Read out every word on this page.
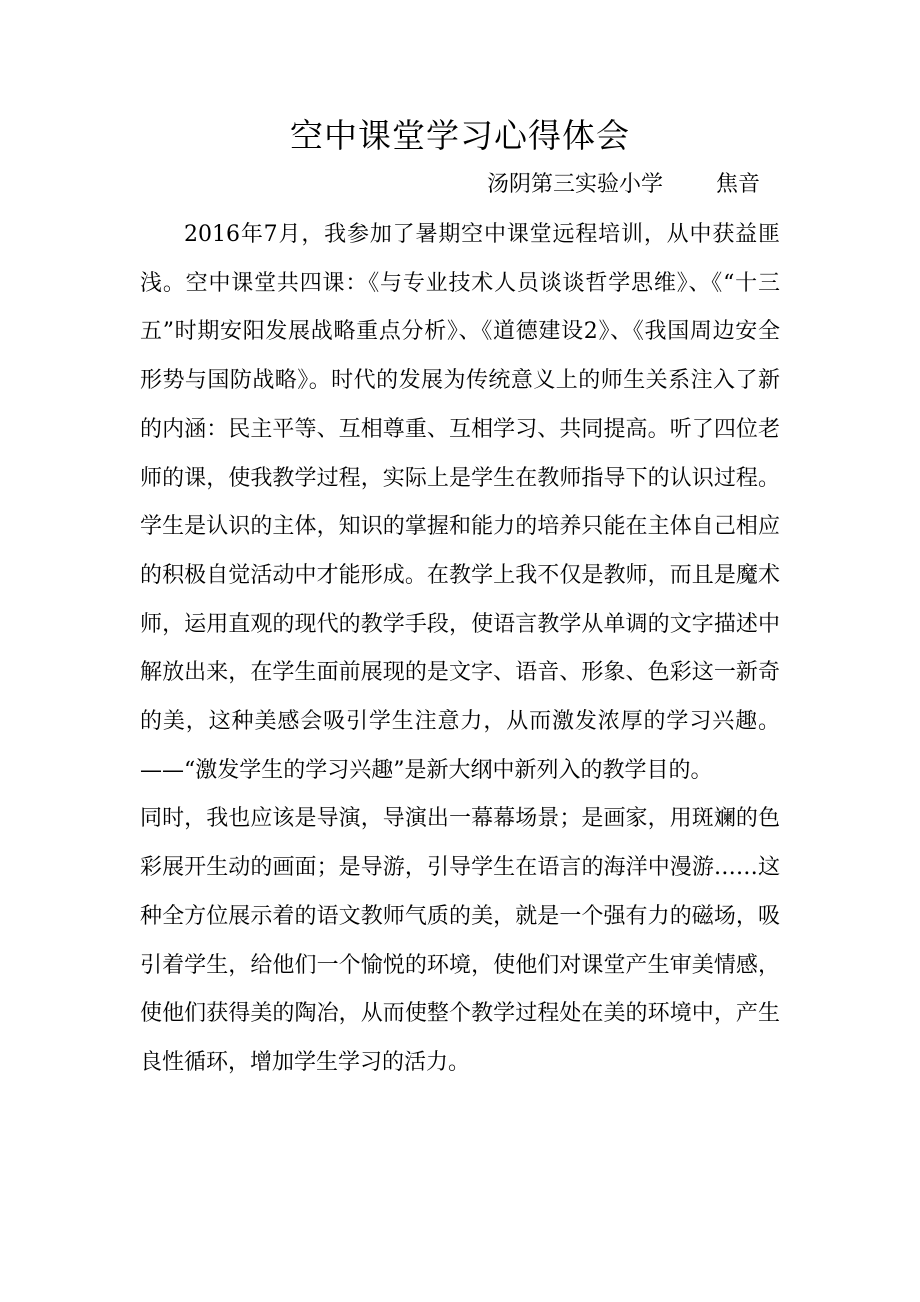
空中课堂学习心得体会
汤阴第三实验小学 焦音

2016年7月，我参加了暑期空中课堂远程培训，从中获益匪浅。空中课堂共四课：《与专业技术人员谈谈哲学思维》、《“十三五”时期安阳发展战略重点分析》、《道德建设2》、《我国周边安全形势与国防战略》。时代的发展为传统意义上的师生关系注入了新的内涵：民主平等、互相尊重、互相学习、共同提高。听了四位老师的课，使我教学过程，实际上是学生在教师指导下的认识过程。学生是认识的主体，知识的掌握和能力的培养只能在主体自己相应的积极自觉活动中才能形成。在教学上我不仅是教师，而且是魔术师，运用直观的现代的教学手段，使语言教学从单调的文字描述中解放出来，在学生面前展现的是文字、语音、形象、色彩这一新奇的美，这种美感会吸引学生注意力，从而激发浓厚的学习兴趣。——“激发学生的学习兴趣”是新大纲中新列入的教学目的。

同时，我也应该是导演，导演出一幕幕场景；是画家，用斑斓的色彩展开生动的画面；是导游，引导学生在语言的海洋中漫游……这种全方位展示着的语文教师气质的美，就是一个强有力的磁场，吸引着学生，给他们一个愉悦的环境，使他们对课堂产生审美情感，使他们获得美的陶冶，从而使整个教学过程处在美的环境中，产生良性循环，增加学生学习的活力。
